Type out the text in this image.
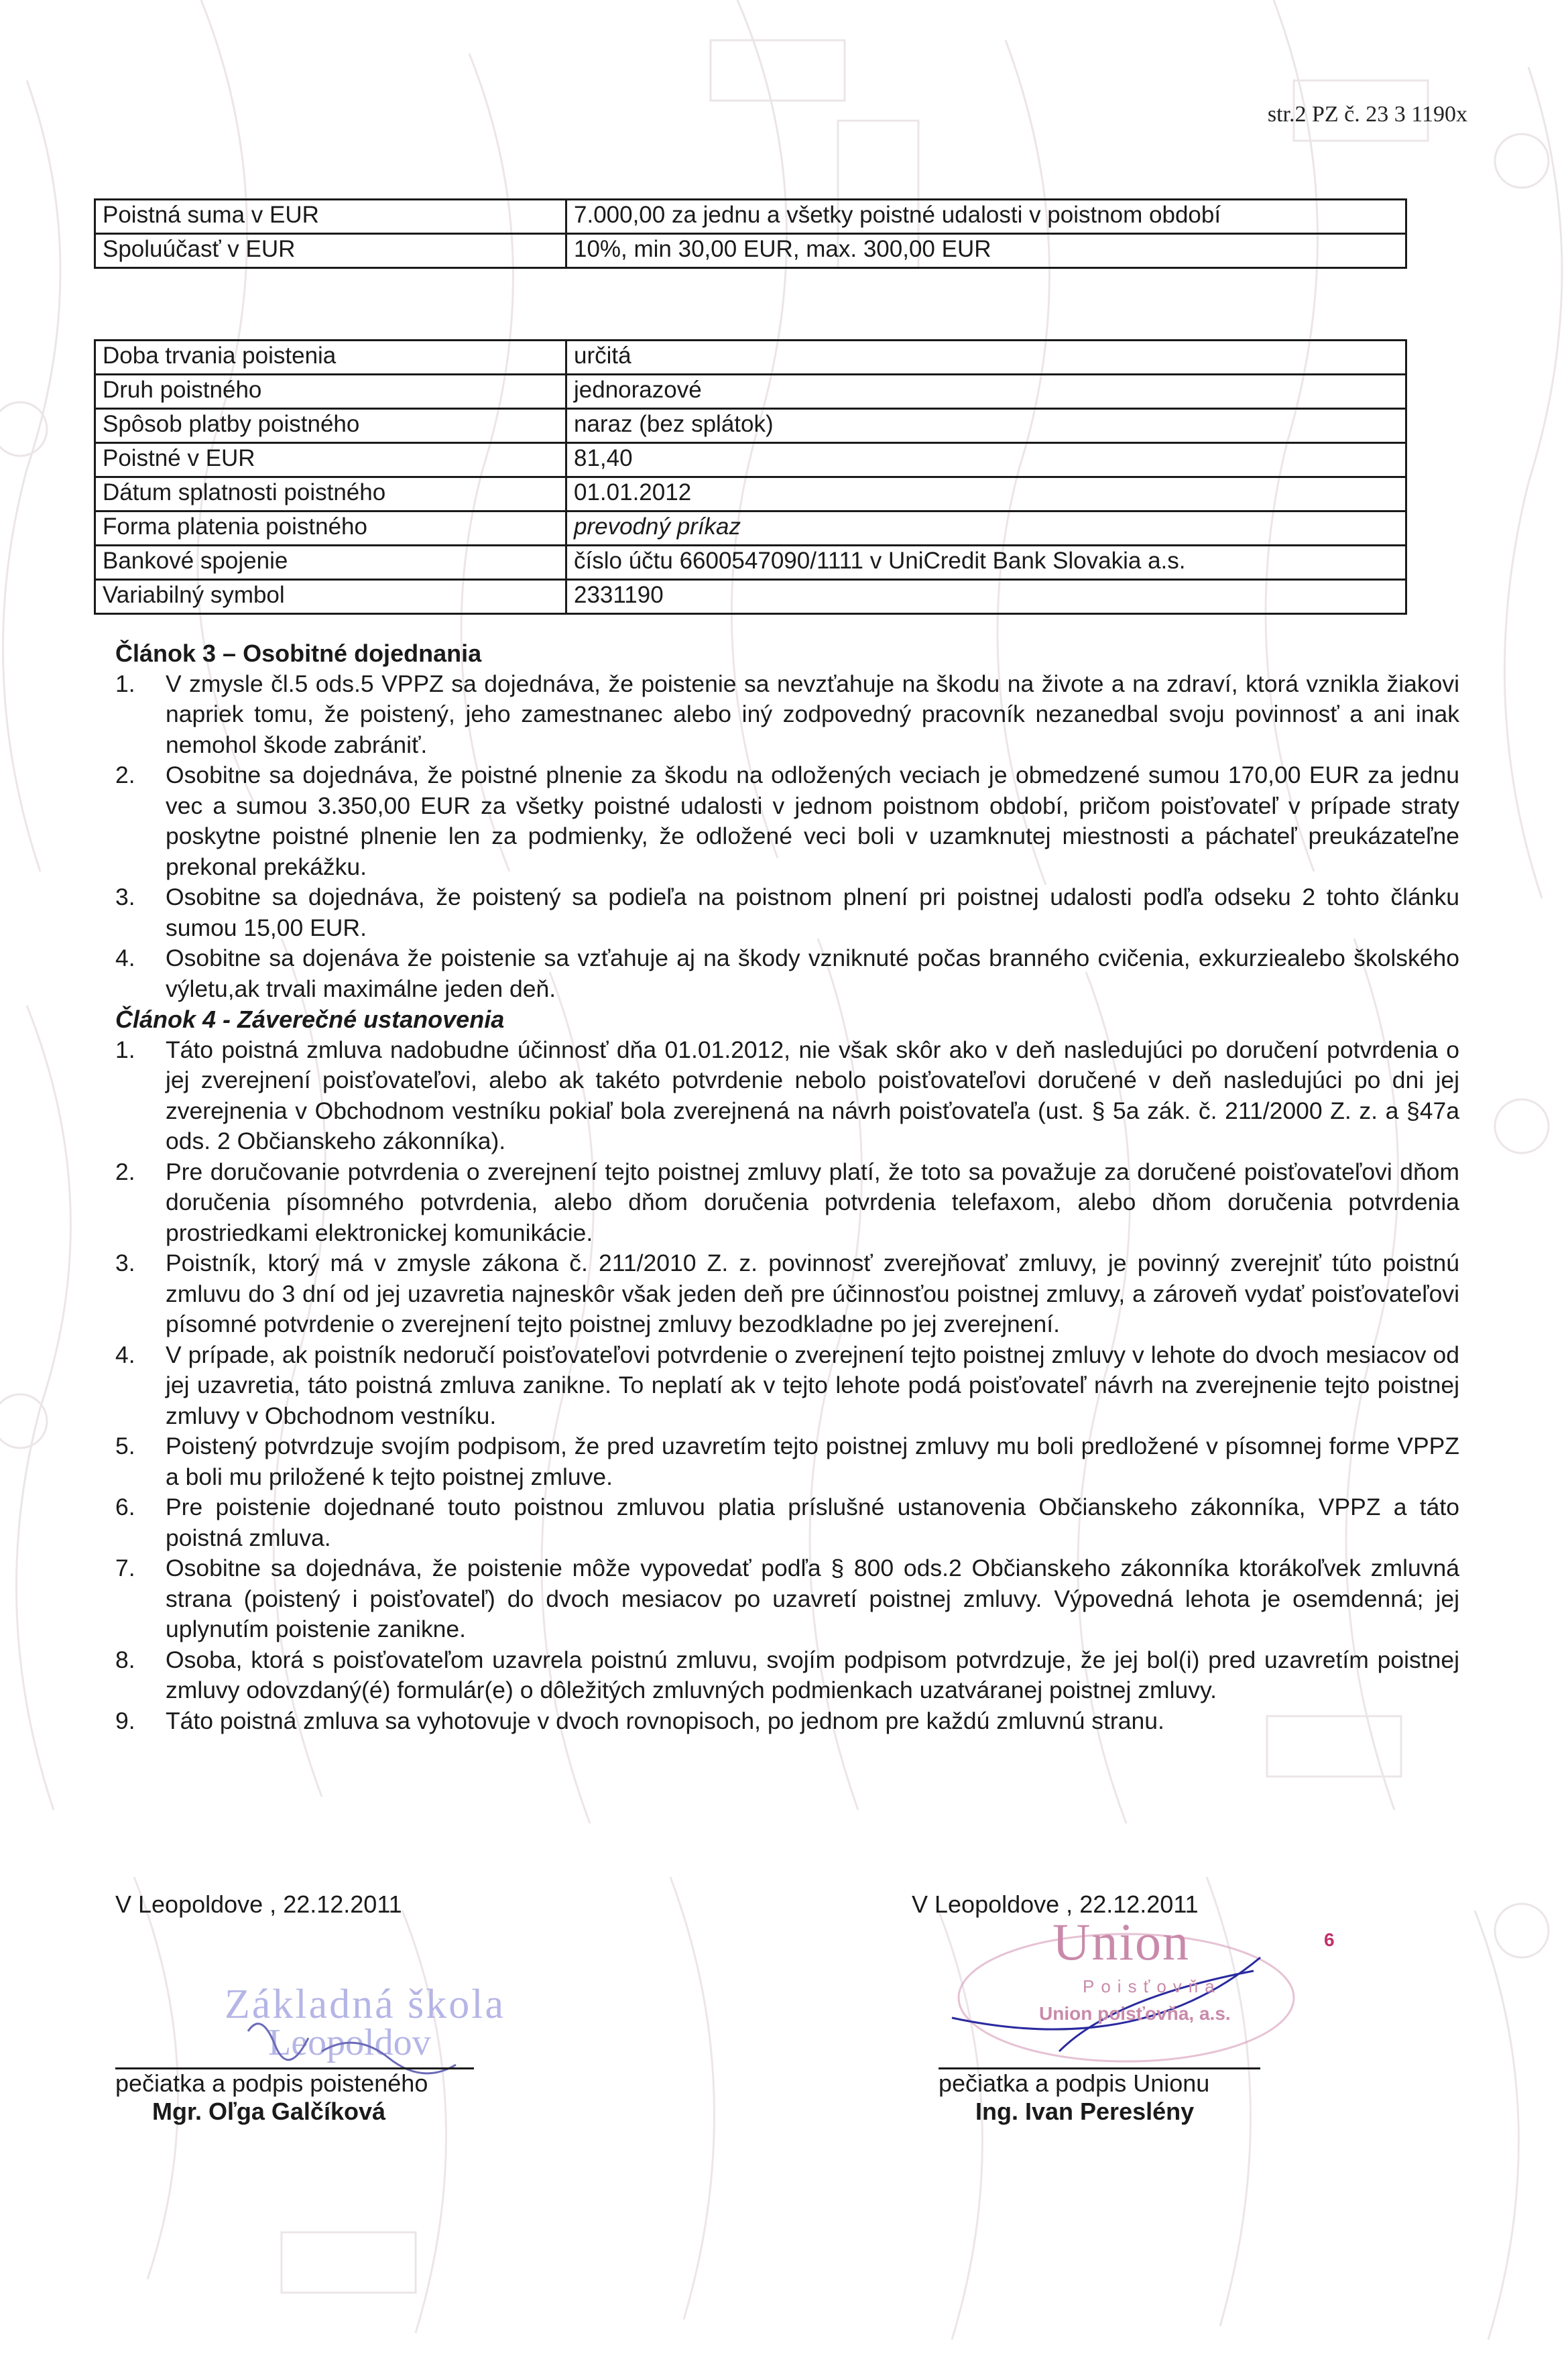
str.2 PZ č. 23 3 1190x
Poistná suma v EUR	7.000,00 za jednu a všetky poistné udalosti v poistnom období
Spoluúčasť v EUR	10%, min 30,00 EUR, max. 300,00 EUR
Doba trvania poistenia	určitá
Druh poistného	jednorazové
Spôsob platby poistného	naraz (bez splátok)
Poistné v EUR	81,40
Dátum splatnosti poistného	01.01.2012
Forma platenia poistného	prevodný príkaz
Bankové spojenie	číslo účtu 6600547090/1111 v UniCredit Bank Slovakia a.s.
Variabilný symbol	2331190

Článok 3 – Osobitné dojednania

1.	V zmysle čl.5 ods.5 VPPZ sa dojednáva, že poistenie sa nevzťahuje na škodu na živote a na zdraví, ktorá vznikla žiakovi napriek tomu, že poistený, jeho zamestnanec alebo iný zodpovedný pracovník nezanedbal svoju povinnosť a ani inak nemohol škode zabrániť.
2.	Osobitne sa dojednáva, že poistné plnenie za škodu na odložených veciach je obmedzené sumou 170,00 EUR za jednu vec a sumou 3.350,00 EUR za všetky poistné udalosti v jednom poistnom období, pričom poisťovateľ v prípade straty poskytne poistné plnenie len za podmienky, že odložené veci boli v uzamknutej miestnosti a páchateľ preukázateľne prekonal prekážku.
3.	Osobitne sa dojednáva, že poistený sa podieľa na poistnom plnení pri poistnej udalosti podľa odseku 2 tohto článku sumou 15,00 EUR.
4.	Osobitne sa dojenáva že poistenie sa vzťahuje aj na škody vzniknuté počas branného cvičenia, exkurziealebo školského výletu,ak trvali maximálne jeden deň.

Článok 4 - Záverečné ustanovenia

1.	Táto poistná zmluva nadobudne účinnosť dňa 01.01.2012, nie však skôr ako v deň nasledujúci po doručení potvrdenia o jej zverejnení poisťovateľovi, alebo ak takéto potvrdenie nebolo poisťovateľovi doručené v deň nasledujúci po dni jej zverejnenia v Obchodnom vestníku pokiaľ bola zverejnená na návrh poisťovateľa (ust. § 5a zák. č. 211/2000 Z. z. a §47a ods. 2 Občianskeho zákonníka).
2.	Pre doručovanie potvrdenia o zverejnení tejto poistnej zmluvy platí, že toto sa považuje za doručené poisťovateľovi dňom doručenia písomného potvrdenia, alebo dňom doručenia potvrdenia telefaxom, alebo dňom doručenia potvrdenia prostriedkami elektronickej komunikácie.
3.	Poistník, ktorý má v zmysle zákona č. 211/2010 Z. z. povinnosť zverejňovať zmluvy, je povinný zverejniť túto poistnú zmluvu do 3 dní od jej uzavretia najneskôr však jeden deň pre účinnosťou poistnej zmluvy, a zároveň vydať poisťovateľovi písomné potvrdenie o zverejnení tejto poistnej zmluvy bezodkladne po jej zverejnení.
4.	V prípade, ak poistník nedoručí poisťovateľovi potvrdenie o zverejnení tejto poistnej zmluvy v lehote do dvoch mesiacov od jej uzavretia, táto poistná zmluva zanikne. To neplatí ak v tejto lehote podá poisťovateľ návrh na zverejnenie tejto poistnej zmluvy v Obchodnom vestníku.
5.	Poistený potvrdzuje svojím podpisom, že pred uzavretím tejto poistnej zmluvy mu boli predložené v písomnej forme VPPZ a boli mu priložené k tejto poistnej zmluve.
6.	Pre poistenie dojednané touto poistnou zmluvou platia príslušné ustanovenia Občianskeho zákonníka, VPPZ a táto poistná zmluva.
7.	Osobitne sa dojednáva, že poistenie môže vypovedať podľa § 800 ods.2 Občianskeho zákonníka ktorákoľvek zmluvná strana (poistený i poisťovateľ) do dvoch mesiacov po uzavretí poistnej zmluvy. Výpovedná lehota je osemdenná; jej uplynutím poistenie zanikne.
8.	Osoba, ktorá s poisťovateľom uzavrela poistnú zmluvu, svojím podpisom potvrdzuje, že jej bol(i) pred uzavretím poistnej zmluvy odovzdaný(é) formulár(e) o dôležitých zmluvných podmienkach uzatváranej poistnej zmluvy.
9.	Táto poistná zmluva sa vyhotovuje v dvoch rovnopisoch, po jednom pre každú zmluvnú stranu.
V Leopoldove , 22.12.2011	V Leopoldove , 22.12.2011
Základná škola
Leopoldov
Union
Poisťovňa
Union poisťovňa, a.s.
6
pečiatka a podpis poisteného
Mgr. Oľga Galčíková
pečiatka a podpis Unionu
Ing. Ivan Pereslény
